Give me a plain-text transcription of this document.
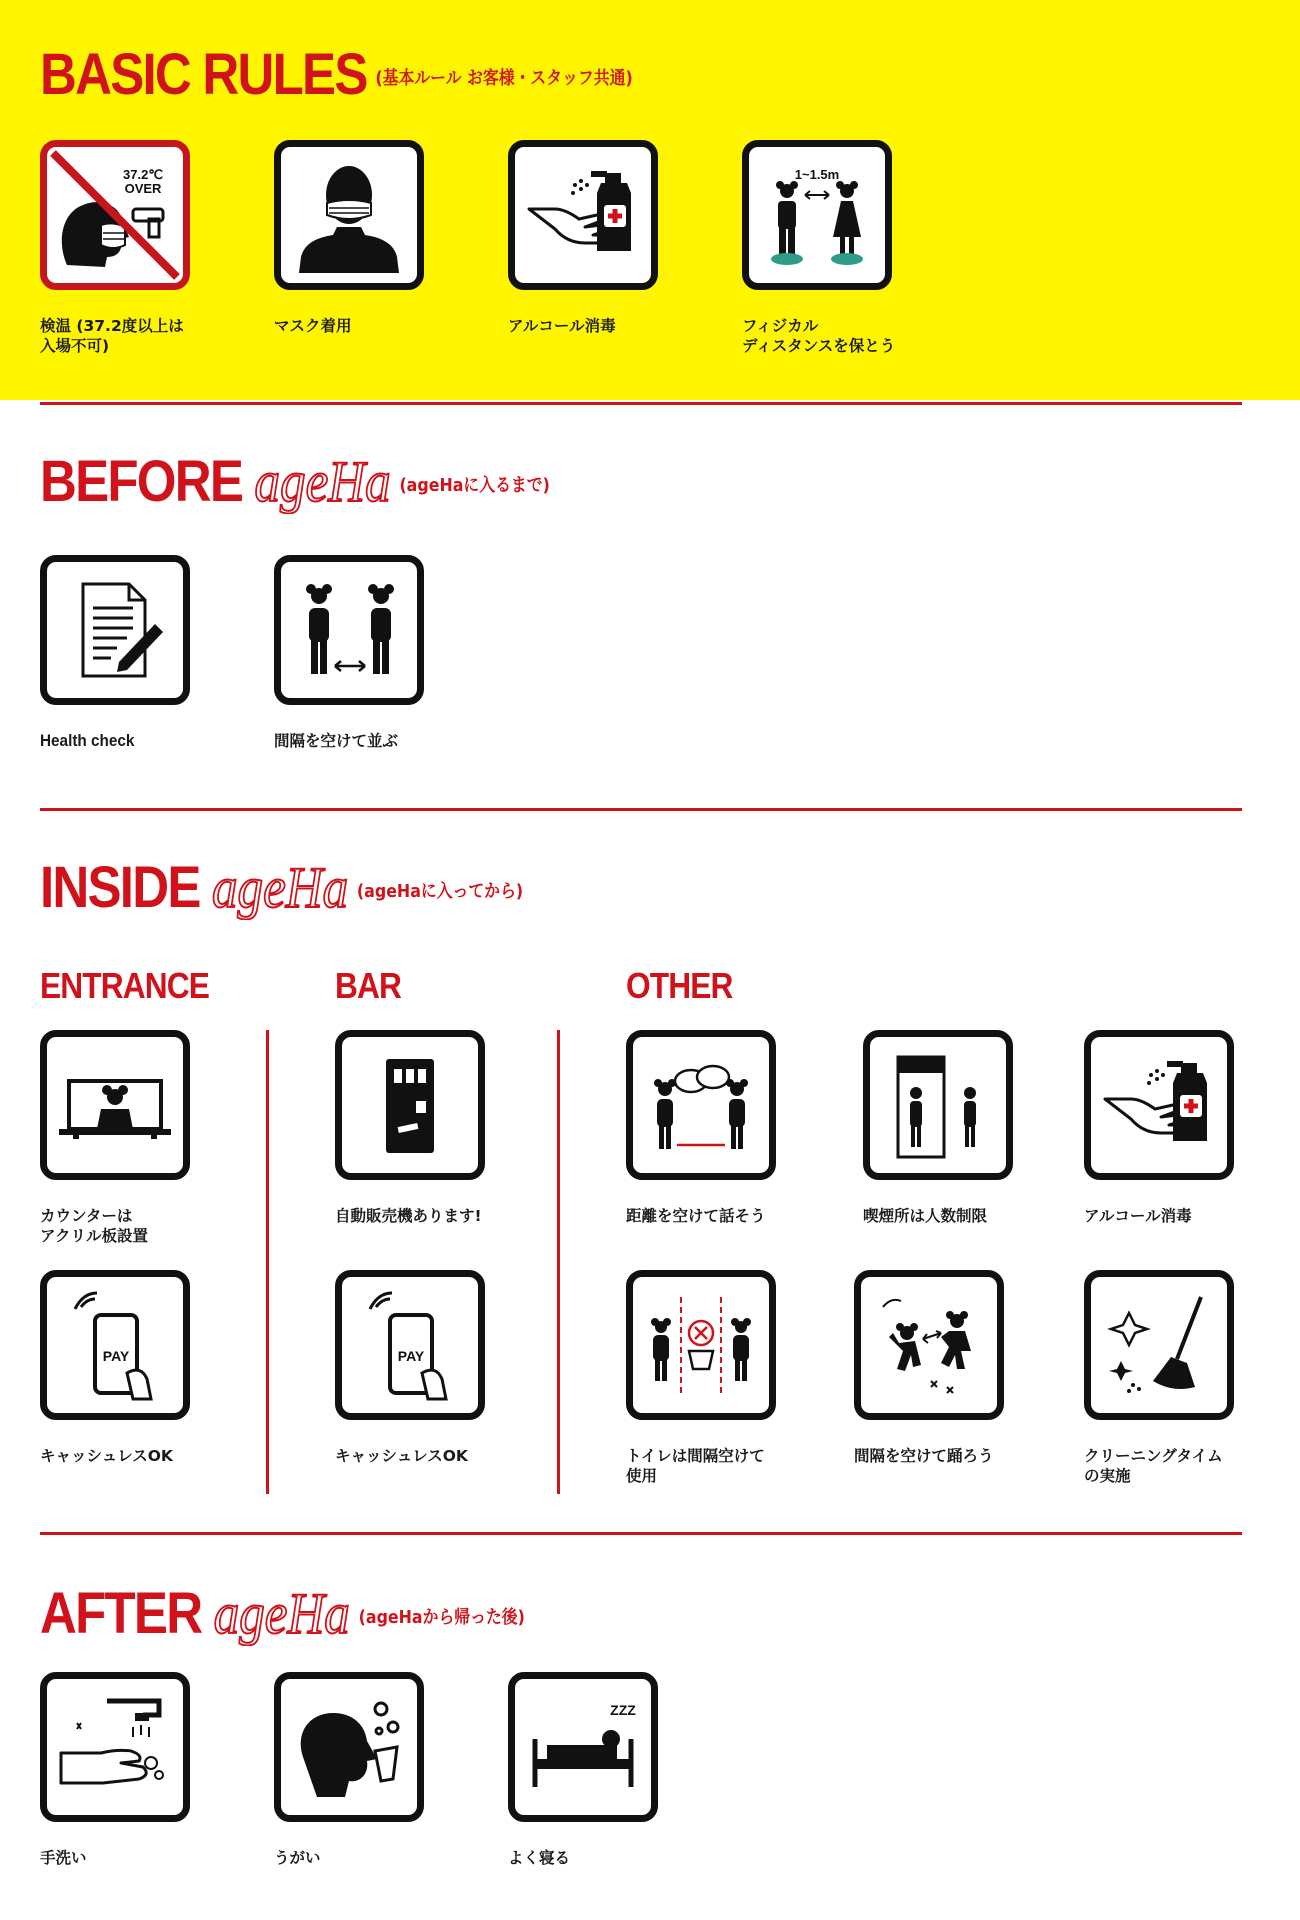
BASIC RULES (基本ルール お客様・スタッフ共通)
37.2℃
OVER
検温 (37.2度以上は
入場不可)
マスク着用	アルコール消毒
1~1.5m
フィジカル
ディスタンスを保とう
BEFORE ageHa (ageHaに入るまで)
Health check	間隔を空けて並ぶ
INSIDE ageHa (ageHaに入ってから)
ENTRANCE	BAR	OTHER
カウンターは
アクリル板設置
PAY
キャッシュレスOK
自動販売機あります!
PAY
キャッシュレスOK
距離を空けて話そう	喫煙所は人数制限	アルコール消毒
トイレは間隔空けて
使用
間隔を空けて踊ろう	クリーニングタイム
の実施
AFTER ageHa (ageHaから帰った後)
手洗い	うがい
ZZZ
よく寝る
